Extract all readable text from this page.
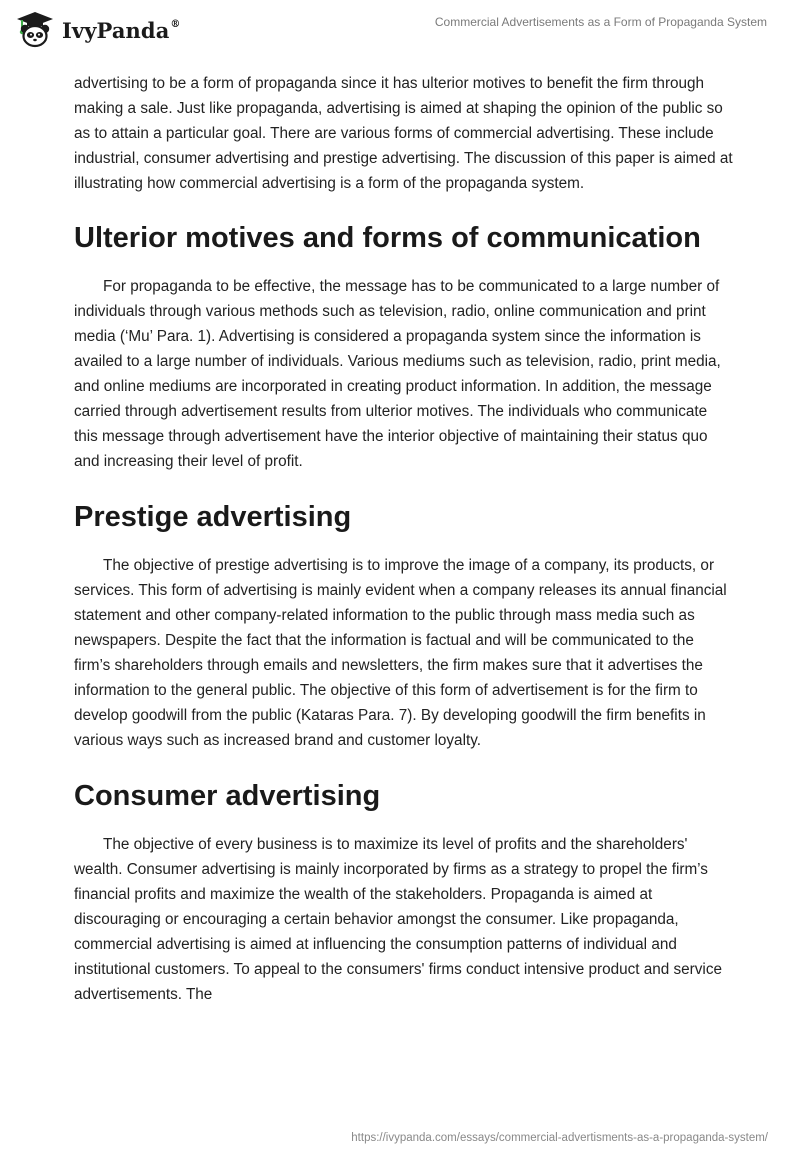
IvyPanda®	Commercial Advertisements as a Form of Propaganda System

advertising to be a form of propaganda since it has ulterior motives to benefit the firm through making a sale. Just like propaganda, advertising is aimed at shaping the opinion of the public so as to attain a particular goal. There are various forms of commercial advertising. These include industrial, consumer advertising and prestige advertising. The discussion of this paper is aimed at illustrating how commercial advertising is a form of the propaganda system.

Ulterior motives and forms of communication

For propaganda to be effective, the message has to be communicated to a large number of individuals through various methods such as television, radio, online communication and print media (‘Mu’ Para. 1). Advertising is considered a propaganda system since the information is availed to a large number of individuals. Various mediums such as television, radio, print media, and online mediums are incorporated in creating product information. In addition, the message carried through advertisement results from ulterior motives. The individuals who communicate this message through advertisement have the interior objective of maintaining their status quo and increasing their level of profit.

Prestige advertising

The objective of prestige advertising is to improve the image of a company, its products, or services. This form of advertising is mainly evident when a company releases its annual financial statement and other company-related information to the public through mass media such as newspapers. Despite the fact that the information is factual and will be communicated to the firm’s shareholders through emails and newsletters, the firm makes sure that it advertises the information to the general public. The objective of this form of advertisement is for the firm to develop goodwill from the public (Kataras Para. 7). By developing goodwill the firm benefits in various ways such as increased brand and customer loyalty.

Consumer advertising

The objective of every business is to maximize its level of profits and the shareholders' wealth. Consumer advertising is mainly incorporated by firms as a strategy to propel the firm’s financial profits and maximize the wealth of the stakeholders. Propaganda is aimed at discouraging or encouraging a certain behavior amongst the consumer. Like propaganda, commercial advertising is aimed at influencing the consumption patterns of individual and institutional customers. To appeal to the consumers' firms conduct intensive product and service advertisements. The

https://ivypanda.com/essays/commercial-advertisments-as-a-propaganda-system/
